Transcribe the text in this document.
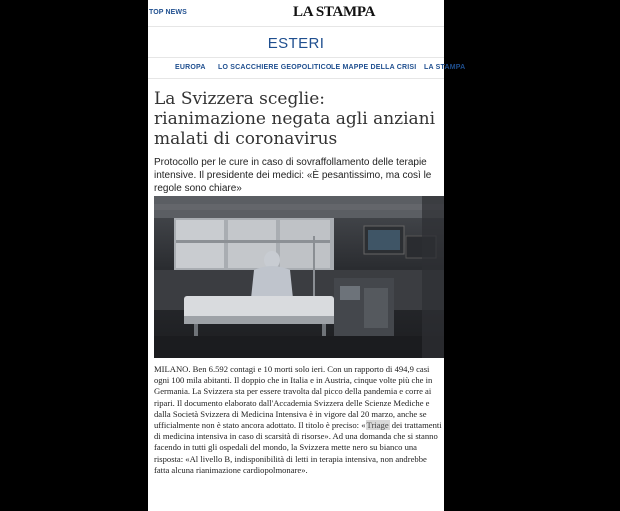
TOP NEWS	LA STAMPA
ESTERI
EUROPA LO SCACCHIERE GEOPOLITICO LE MAPPE DELLA CRISI LA STAMPA
La Svizzera sceglie: rianimazione negata agli anziani malati di coronavirus

Protocollo per le cure in caso di sovraffollamento delle terapie intensive. Il presidente dei medici: «È pesantissimo, ma così le regole sono chiare»

MILANO. Ben 6.592 contagi e 10 morti solo ieri. Con un rapporto di 494,9 casi ogni 100 mila abitanti. Il doppio che in Italia e in Austria, cinque volte più che in Germania. La Svizzera sta per essere travolta dal picco della pandemia e corre ai ripari. Il documento elaborato dall'Accademia Svizzera delle Scienze Mediche e dalla Società Svizzera di Medicina Intensiva è in vigore dal 20 marzo, anche se ufficialmente non è stato ancora adottato. Il titolo è preciso: «Triage dei trattamenti di medicina intensiva in caso di scarsità di risorse». Ad una domanda che si stanno facendo in tutti gli ospedali del mondo, la Svizzera mette nero su bianco una risposta: «Al livello B, indisponibilità di letti in terapia intensiva, non andrebbe fatta alcuna rianimazione cardiopolmonare».
